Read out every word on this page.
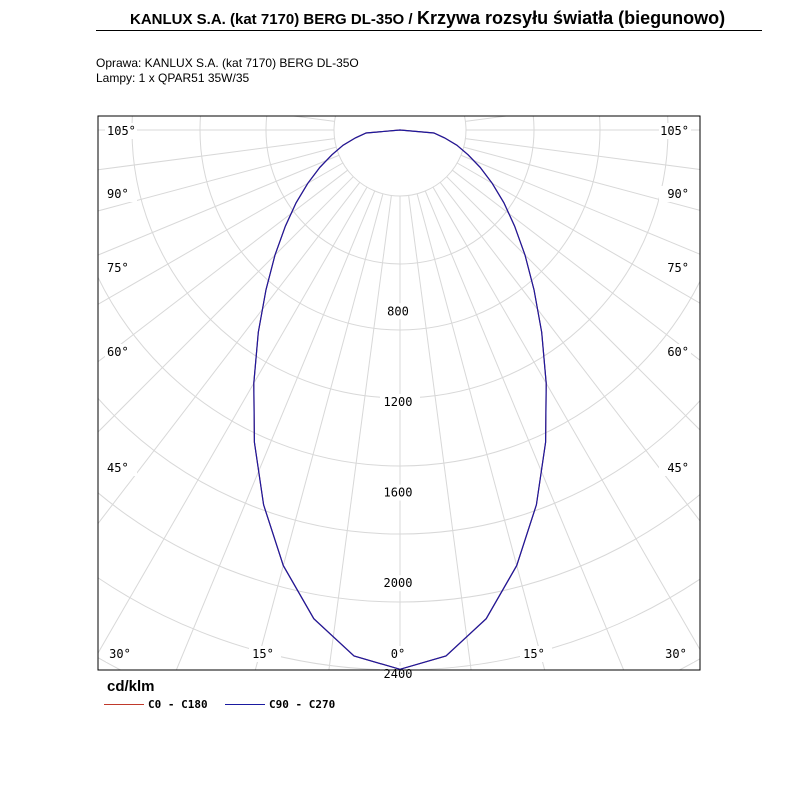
KANLUX S.A. (kat 7170) BERG DL-35O / Krzywa rozsyłu światła (biegunowo)
Oprawa: KANLUX S.A. (kat 7170) BERG DL-35O
Lampy: 1 x QPAR51 35W/35
800
1200
1600
2000
2400
105°
90°
75°
60°
45°
105°
90°
75°
60°
45°
30°	15°	0°	15°	30°
cd/klm
C0 - C180	C90 - C270
